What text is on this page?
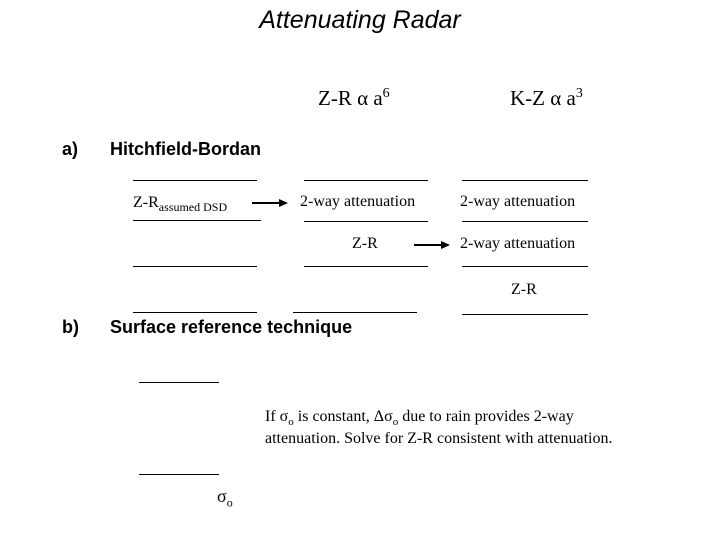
Attenuating Radar
Z-R α $a^6$	K-Z α $a^3$
a) Hitchfield-Bordan
$Z-R_{assumed DSD}$	2-way attenuation	2-way attenuation
Z-R	2-way attenuation
Z-R
b) Surface reference technique
If $\sigma_o$ is constant, $\Delta\sigma_o$ due to rain provides 2-way
attenuation. Solve for Z-R consistent with attenuation.
$\sigma_o$
